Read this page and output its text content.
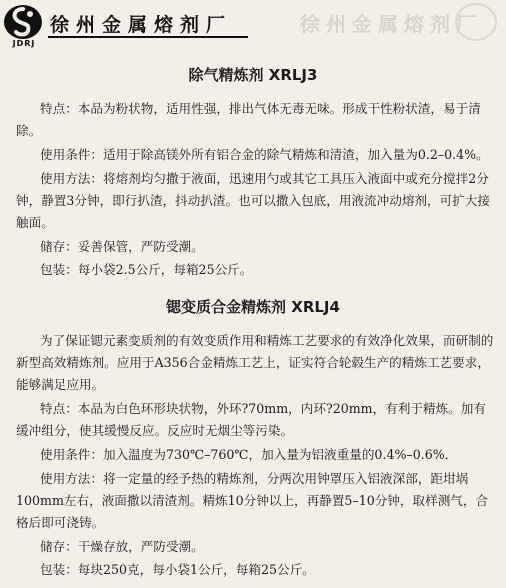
JDRJ
徐州金属熔剂厂	徐州金属熔剂厂
除气精炼剂 XRLJ3

特点：本品为粉状物，适用性强，排出气体无毒无味。形成干性粉状渣，易于清除。

使用条件：适用于除高镁外所有铝合金的除气精炼和清渣，加入量为0.2–0.4%。

使用方法：将熔剂均匀撒于液面，迅速用勺或其它工具压入液面中或充分搅拌2分钟，静置3分钟，即行扒渣，抖动扒渣。也可以撒入包底，用液流冲动熔剂，可扩大接触面。

储存：妥善保管，严防受潮。

包装：每小袋2.5公斤，每箱25公斤。

锶变质合金精炼剂 XRLJ4

为了保证锶元素变质剂的有效变质作用和精炼工艺要求的有效净化效果，而研制的新型高效精炼剂。应用于A356合金精炼工艺上，证实符合轮毂生产的精炼工艺要求，能够满足应用。

特点：本品为白色环形块状物，外环?70mm，内环?20mm，有利于精炼。加有缓冲组分，使其缓慢反应。反应时无烟尘等污染。

使用条件：加入温度为730℃–760℃，加入量为铝液重量的0.4%–0.6%．

使用方法：将一定量的经予热的精炼剂，分两次用钟罩压入铝液深部，距坩埚100mm左右，液面撒以清渣剂。精炼10分钟以上，再静置5–10分钟，取样测气，合格后即可浇铸。

储存：干燥存放，严防受潮。

包装：每块250克，每小袋1公斤，每箱25公斤。
